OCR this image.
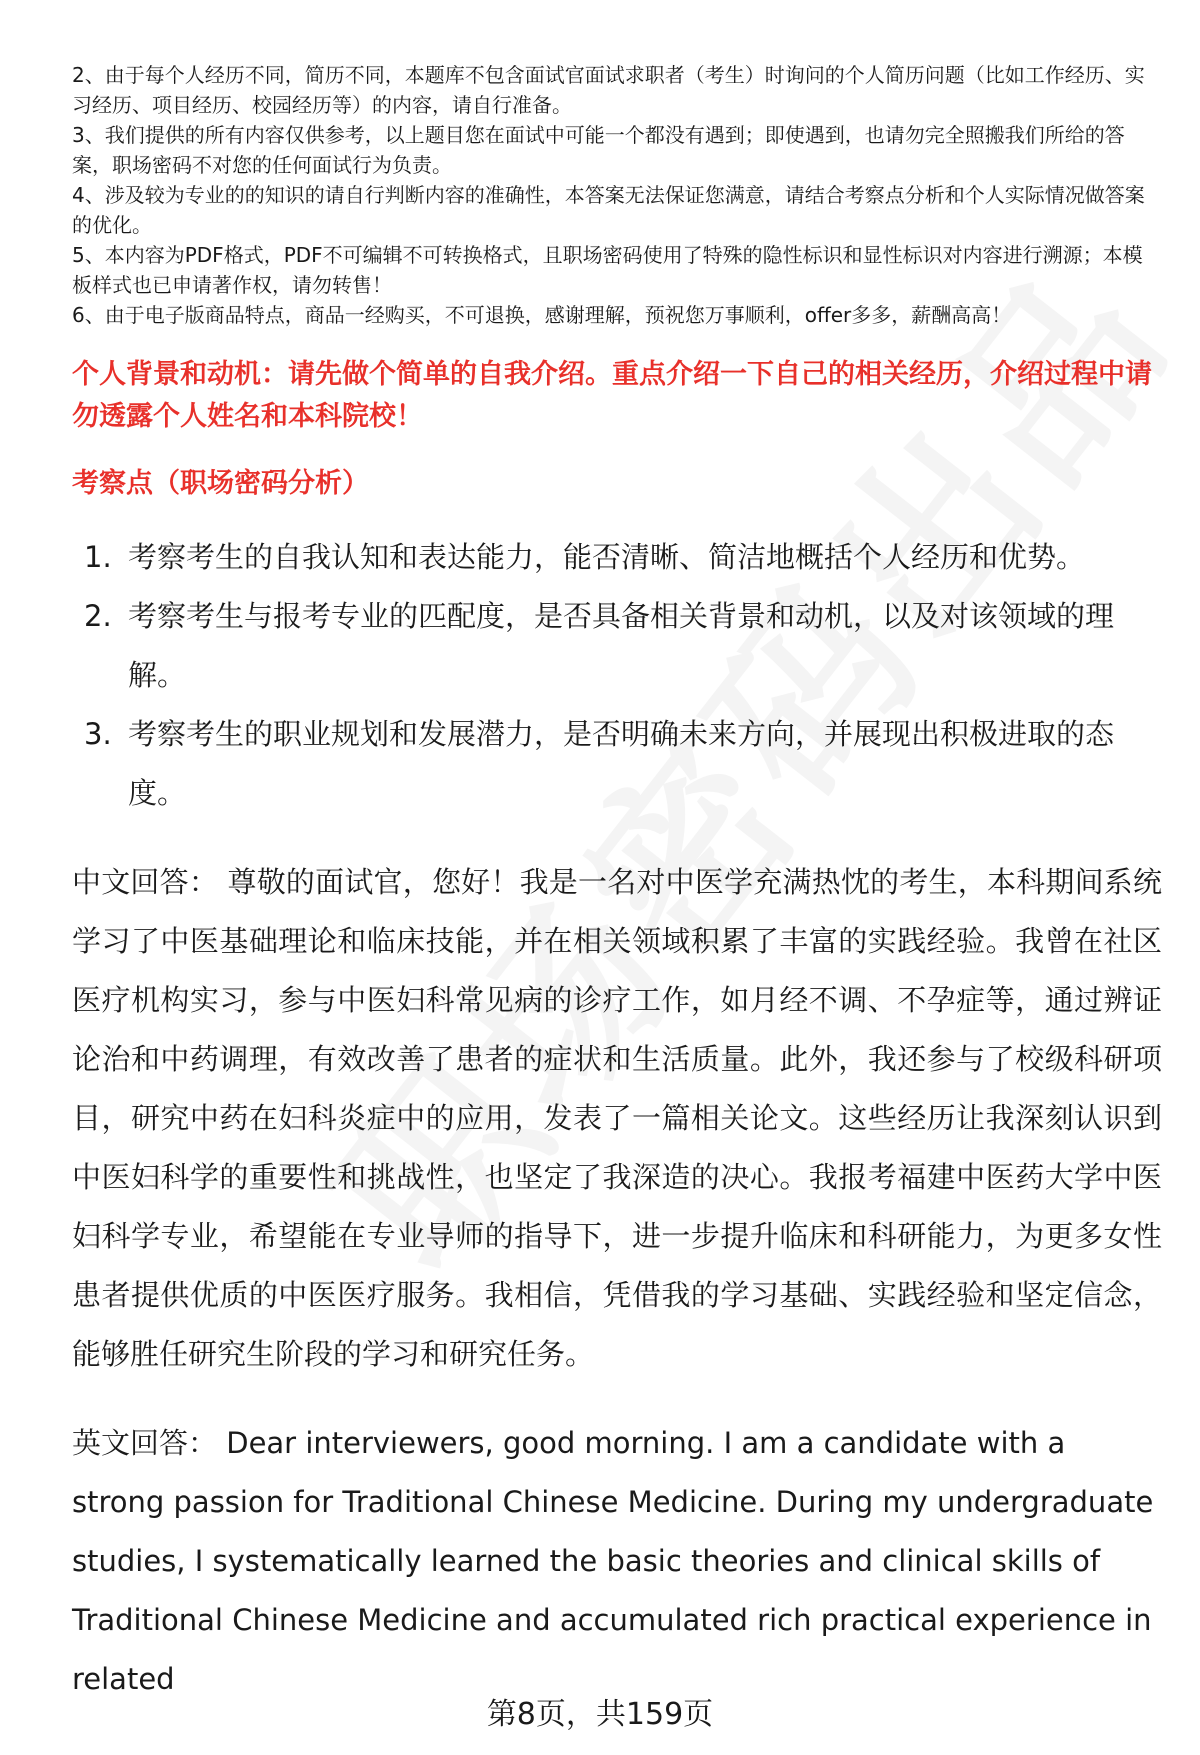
2、由于每个人经历不同，简历不同，本题库不包含面试官面试求职者（考生）时询问的个人简历问题（比如工作经历、实习经历、项目经历、校园经历等）的内容，请自行准备。

3、我们提供的所有内容仅供参考，以上题目您在面试中可能一个都没有遇到；即使遇到，也请勿完全照搬我们所给的答案，职场密码不对您的任何面试行为负责。

4、涉及较为专业的的知识的请自行判断内容的准确性，本答案无法保证您满意，请结合考察点分析和个人实际情况做答案的优化。

5、本内容为PDF格式，PDF不可编辑不可转换格式，且职场密码使用了特殊的隐性标识和显性标识对内容进行溯源；本模板样式也已申请著作权，请勿转售！

6、由于电子版商品特点，商品一经购买，不可退换，感谢理解，预祝您万事顺利，offer多多，薪酬高高！

个人背景和动机：请先做个简单的自我介绍。重点介绍一下自己的相关经历，介绍过程中请勿透露个人姓名和本科院校！
考察点（职场密码分析）
1. 考察考生的自我认知和表达能力，能否清晰、简洁地概括个人经历和优势。
2. 考察考生与报考专业的匹配度，是否具备相关背景和动机，以及对该领域的理解。
3. 考察考生的职业规划和发展潜力，是否明确未来方向，并展现出积极进取的态度。
中文回答： 尊敬的面试官，您好！我是一名对中医学充满热忱的考生，本科期间系统学习了中医基础理论和临床技能，并在相关领域积累了丰富的实践经验。我曾在社区医疗机构实习，参与中医妇科常见病的诊疗工作，如月经不调、不孕症等，通过辨证论治和中药调理，有效改善了患者的症状和生活质量。此外，我还参与了校级科研项目，研究中药在妇科炎症中的应用，发表了一篇相关论文。这些经历让我深刻认识到中医妇科学的重要性和挑战性，也坚定了我深造的决心。我报考福建中医药大学中医妇科学专业，希望能在专业导师的指导下，进一步提升临床和科研能力，为更多女性患者提供优质的中医医疗服务。我相信，凭借我的学习基础、实践经验和坚定信念，能够胜任研究生阶段的学习和研究任务。
英文回答： Dear interviewers, good morning. I am a candidate with a strong passion for Traditional Chinese Medicine. During my undergraduate studies, I systematically learned the basic theories and clinical skills of Traditional Chinese Medicine and accumulated rich practical experience in related
第8页，共159页
